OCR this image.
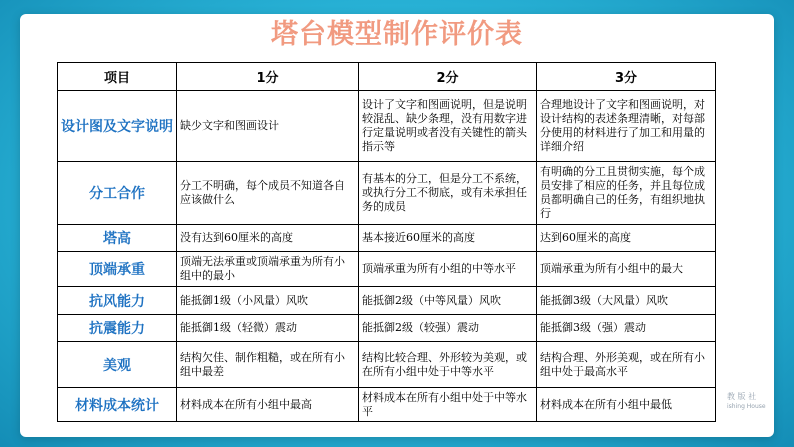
塔台模型制作评价表
项目	1分	2分	3分
设计图及文字说明	缺少文字和图画设计	设计了文字和图画说明，但是说明较混乱、缺少条理，没有用数字进行定量说明或者没有关键性的箭头指示等	合理地设计了文字和图画说明，对设计结构的表述条理清晰，对每部分使用的材料进行了加工和用量的详细介绍
分工合作	分工不明确，每个成员不知道各自应该做什么	有基本的分工，但是分工不系统，或执行分工不彻底，或有未承担任务的成员	有明确的分工且贯彻实施，每个成员安排了相应的任务，并且每位成员都明确自己的任务，有组织地执行
塔高	没有达到60厘米的高度	基本接近60厘米的高度	达到60厘米的高度
顶端承重	顶端无法承重或顶端承重为所有小组中的最小	顶端承重为所有小组的中等水平	顶端承重为所有小组中的最大
抗风能力	能抵御1级（小风量）风吹	能抵御2级（中等风量）风吹	能抵御3级（大风量）风吹
抗震能力	能抵御1级（轻微）震动	能抵御2级（较强）震动	能抵御3级（强）震动
美观	结构欠佳、制作粗糙，或在所有小组中最差	结构比较合理、外形较为美观，或在所有小组中处于中等水平	结构合理、外形美观，或在所有小组中处于最高水平
材料成本统计	材料成本在所有小组中最高	材料成本在所有小组中处于中等水平	材料成本在所有小组中最低
教 版 社
ishing House
